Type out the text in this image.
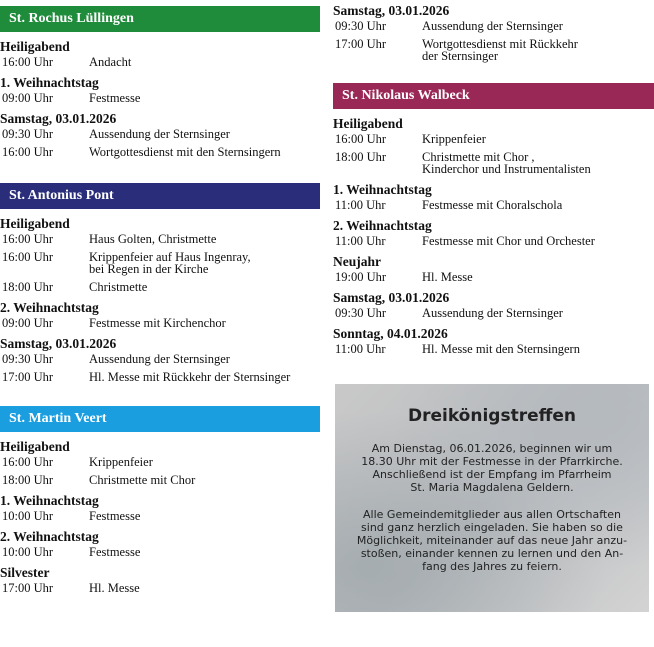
St. Rochus Lüllingen
Heiligabend
16:00 Uhr	Andacht
1. Weihnachtstag
09:00 Uhr	Festmesse
Samstag, 03.01.2026
09:30 Uhr	Aussendung der Sternsinger
16:00 Uhr	Wortgottesdienst mit den Sternsingern
St. Antonius Pont
Heiligabend
16:00 Uhr	Haus Golten, Christmette
16:00 Uhr	Krippenfeier auf Haus Ingenray,
bei Regen in der Kirche
18:00 Uhr	Christmette
2. Weihnachtstag
09:00 Uhr	Festmesse mit Kirchenchor
Samstag, 03.01.2026
09:30 Uhr	Aussendung der Sternsinger
17:00 Uhr	Hl. Messe mit Rückkehr der Sternsinger
St. Martin Veert
Heiligabend
16:00 Uhr	Krippenfeier
18:00 Uhr	Christmette mit Chor
1. Weihnachtstag
10:00 Uhr	Festmesse
2. Weihnachtstag
10:00 Uhr	Festmesse
Silvester
17:00 Uhr	Hl. Messe
Samstag, 03.01.2026
09:30 Uhr	Aussendung der Sternsinger
17:00 Uhr	Wortgottesdienst mit Rückkehr
der Sternsinger
St. Nikolaus Walbeck
Heiligabend
16:00 Uhr	Krippenfeier
18:00 Uhr	Christmette mit Chor ,
Kinderchor und Instrumentalisten
1. Weihnachtstag
11:00 Uhr	Festmesse mit Choralschola
2. Weihnachtstag
11:00 Uhr	Festmesse mit Chor und Orchester
Neujahr
19:00 Uhr	Hl. Messe
Samstag, 03.01.2026
09:30 Uhr	Aussendung der Sternsinger
Sonntag, 04.01.2026
11:00 Uhr	Hl. Messe mit den Sternsingern
Dreikönigstreffen

Am Dienstag, 06.01.2026, beginnen wir um
18.30 Uhr mit der Festmesse in der Pfarrkirche.
Anschließend ist der Empfang im Pfarrheim
St. Maria Magdalena Geldern.

Alle Gemeindemitglieder aus allen Ortschaften
sind ganz herzlich eingeladen. Sie haben so die
Möglichkeit, miteinander auf das neue Jahr anzu-
stoßen, einander kennen zu lernen und den An-
fang des Jahres zu feiern.
